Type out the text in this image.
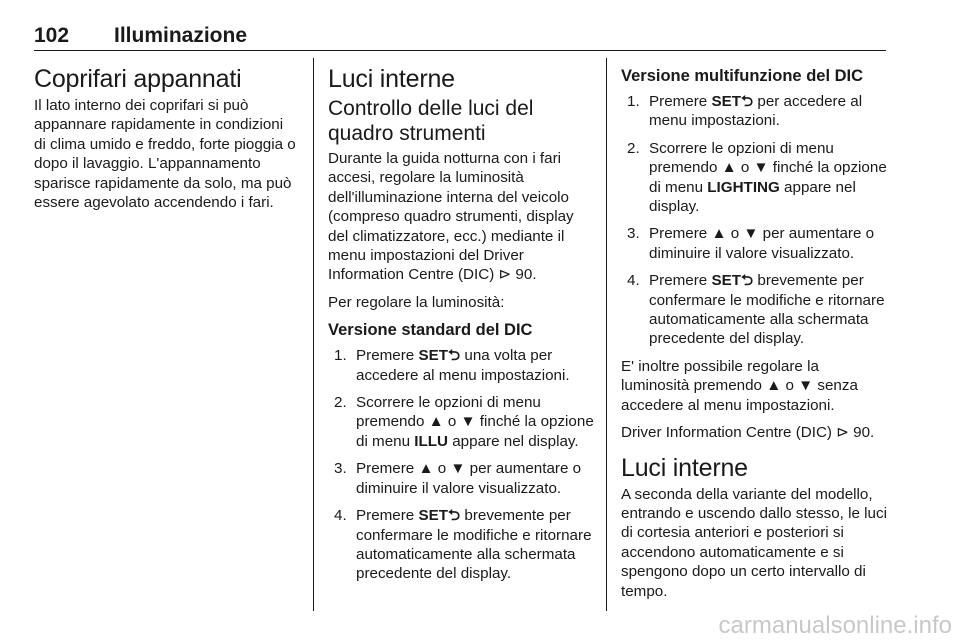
102 Illuminazione
Coprifari appannati

Il lato interno dei coprifari si può appannare rapidamente in condizioni di clima umido e freddo, forte pioggia o dopo il lavaggio. L'appannamento sparisce rapidamente da solo, ma può essere agevolato accendendo i fari.

Luci interne
Controllo delle luci del quadro strumenti

Durante la guida notturna con i fari accesi, regolare la luminosità dell'illuminazione interna del veicolo (compreso quadro strumenti, display del climatizzatore, ecc.) mediante il menu impostazioni del Driver Information Centre (DIC) ⊳ 90.

Per regolare la luminosità:

Versione standard del DIC
1. Premere SET⮌ una volta per accedere al menu impostazioni.
2. Scorrere le opzioni di menu premendo ▲ o ▼ finché la opzione di menu ILLU appare nel display.
3. Premere ▲ o ▼ per aumentare o diminuire il valore visualizzato.
4. Premere SET⮌ brevemente per confermare le modifiche e ritornare automaticamente alla schermata precedente del display.
Versione multifunzione del DIC
1. Premere SET⮌ per accedere al menu impostazioni.
2. Scorrere le opzioni di menu premendo ▲ o ▼ finché la opzione di menu LIGHTING appare nel display.
3. Premere ▲ o ▼ per aumentare o diminuire il valore visualizzato.
4. Premere SET⮌ brevemente per confermare le modifiche e ritornare automaticamente alla schermata precedente del display.

E' inoltre possibile regolare la luminosità premendo ▲ o ▼ senza accedere al menu impostazioni.

Driver Information Centre (DIC) ⊳ 90.

Luci interne

A seconda della variante del modello, entrando e uscendo dallo stesso, le luci di cortesia anteriori e posteriori si accendono automaticamente e si spengono dopo un certo intervallo di tempo.

carmanualsonline.info
